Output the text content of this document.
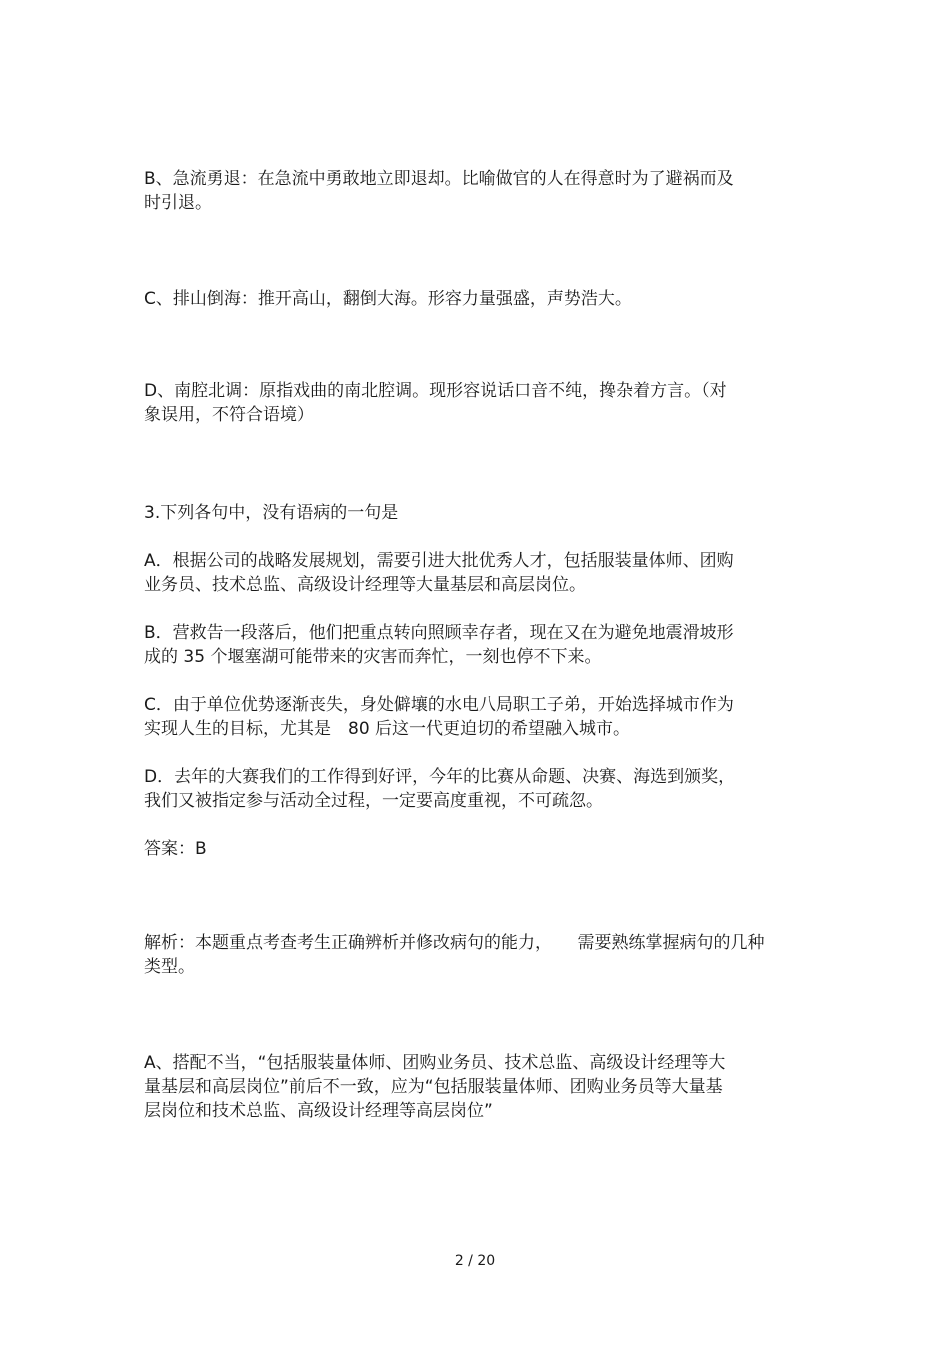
B、急流勇退：在急流中勇敢地立即退却。比喻做官的人在得意时为了避祸而及

时引退。

C、排山倒海：推开高山，翻倒大海。形容力量强盛，声势浩大。

D、南腔北调：原指戏曲的南北腔调。现形容说话口音不纯，搀杂着方言。（对

象误用，不符合语境）

3.下列各句中，没有语病的一句是

A．根据公司的战略发展规划，需要引进大批优秀人才，包括服装量体师、团购

业务员、技术总监、高级设计经理等大量基层和高层岗位。

B．营救告一段落后，他们把重点转向照顾幸存者，现在又在为避免地震滑坡形

成的 35 个堰塞湖可能带来的灾害而奔忙，一刻也停不下来。

C．由于单位优势逐渐丧失，身处僻壤的水电八局职工子弟，开始选择城市作为

实现人生的目标，尤其是　80 后这一代更迫切的希望融入城市。

D．去年的大赛我们的工作得到好评，今年的比赛从命题、决赛、海选到颁奖，

我们又被指定参与活动全过程，一定要高度重视，不可疏忽。

答案：B

解析：本题重点考查考生正确辨析并修改病句的能力，　　需要熟练掌握病句的几种

类型。

A、搭配不当，“包括服装量体师、团购业务员、技术总监、高级设计经理等大

量基层和高层岗位”前后不一致，应为“包括服装量体师、团购业务员等大量基

层岗位和技术总监、高级设计经理等高层岗位”

2 / 20
